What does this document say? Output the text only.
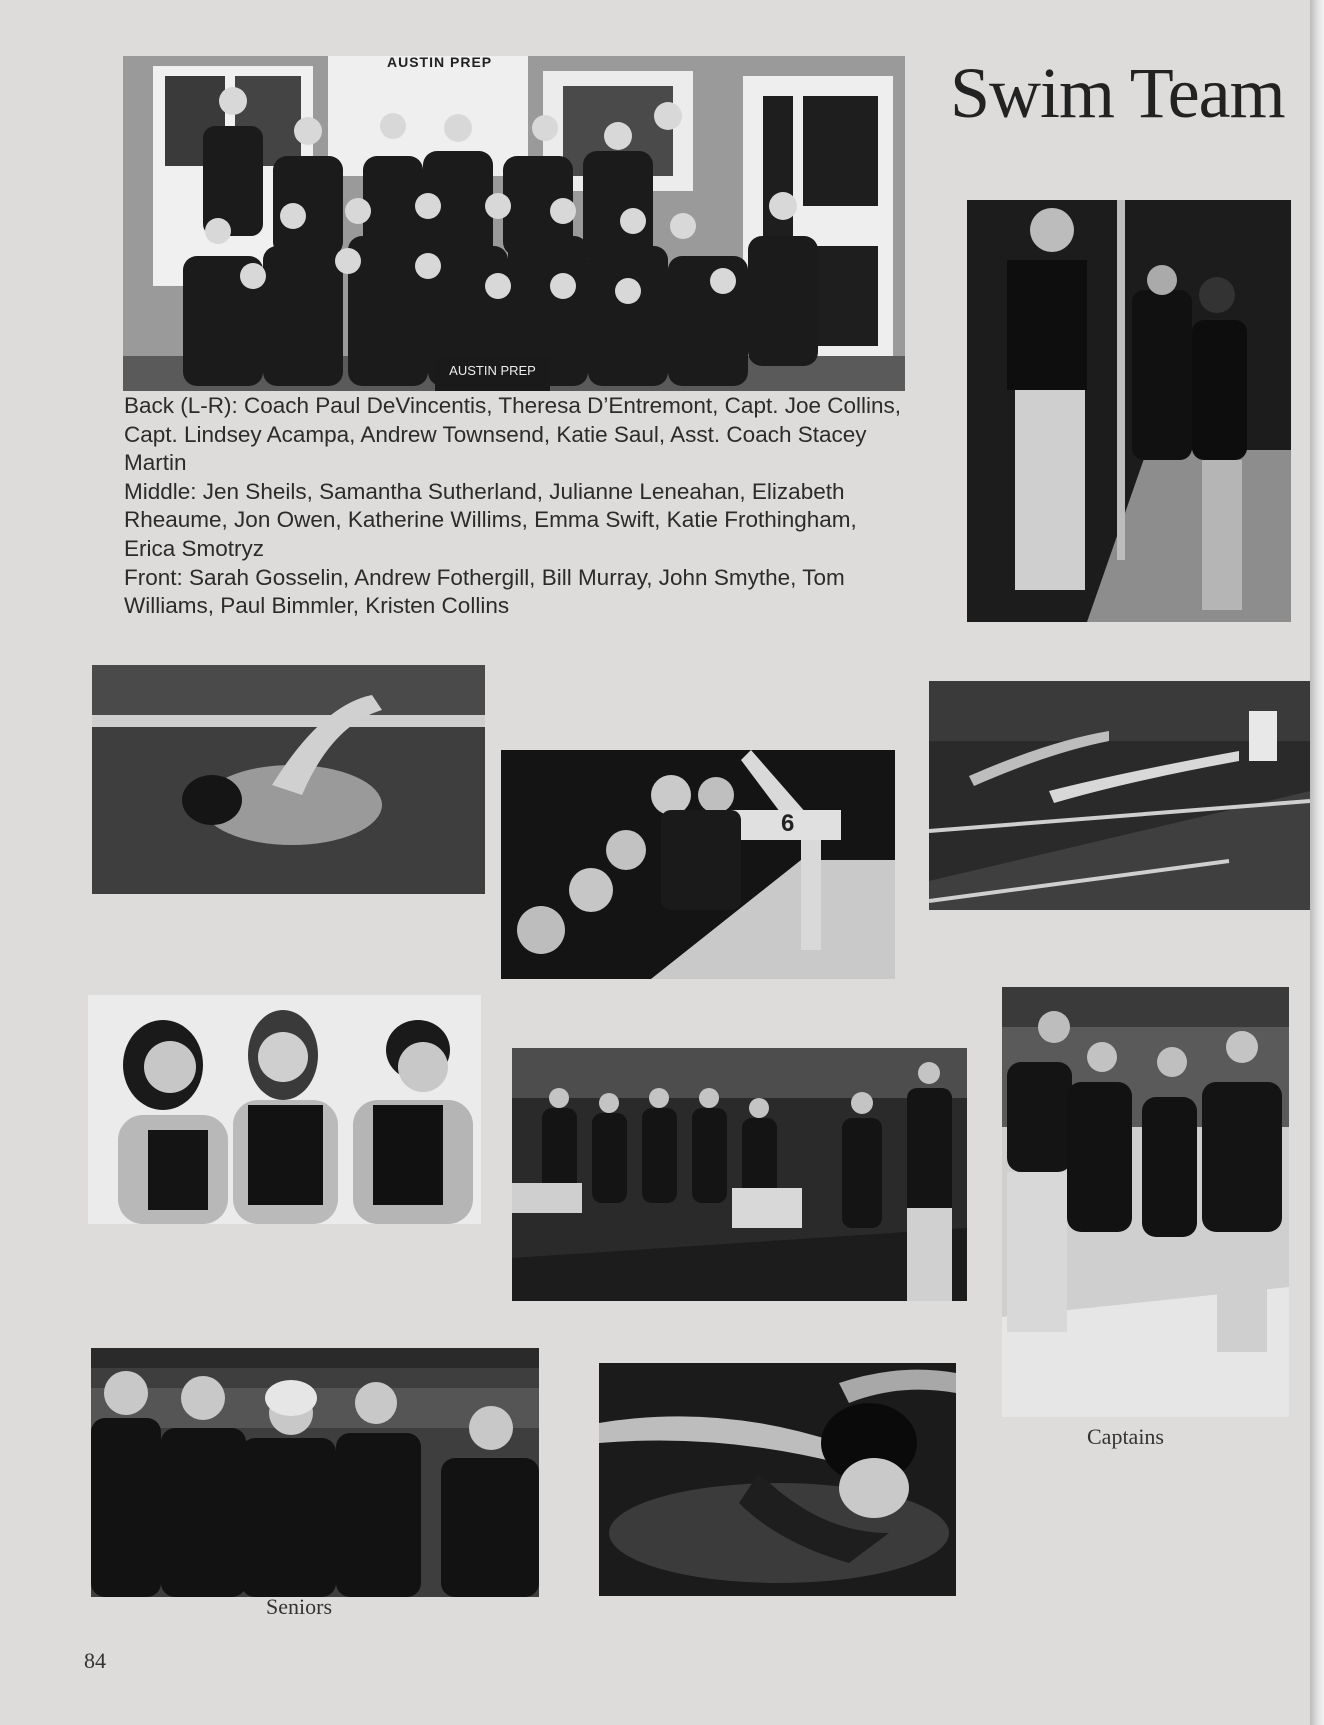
AUSTIN PREP
AUSTIN PREP
Swim Team
Back (L-R): Coach Paul DeVincentis, Theresa D’Entremont, Capt. Joe Collins, Capt. Lindsey Acampa, Andrew Townsend, Katie Saul, Asst. Coach Stacey Martin
Middle: Jen Sheils, Samantha Sutherland, Julianne Leneahan, Elizabeth Rheaume, Jon Owen, Katherine Willims, Emma Swift, Katie Frothingham, Erica Smotryz
Front: Sarah Gosselin, Andrew Fothergill, Bill Murray, John Smythe, Tom Williams, Paul Bimmler, Kristen Collins
6
Captains
Seniors
84
